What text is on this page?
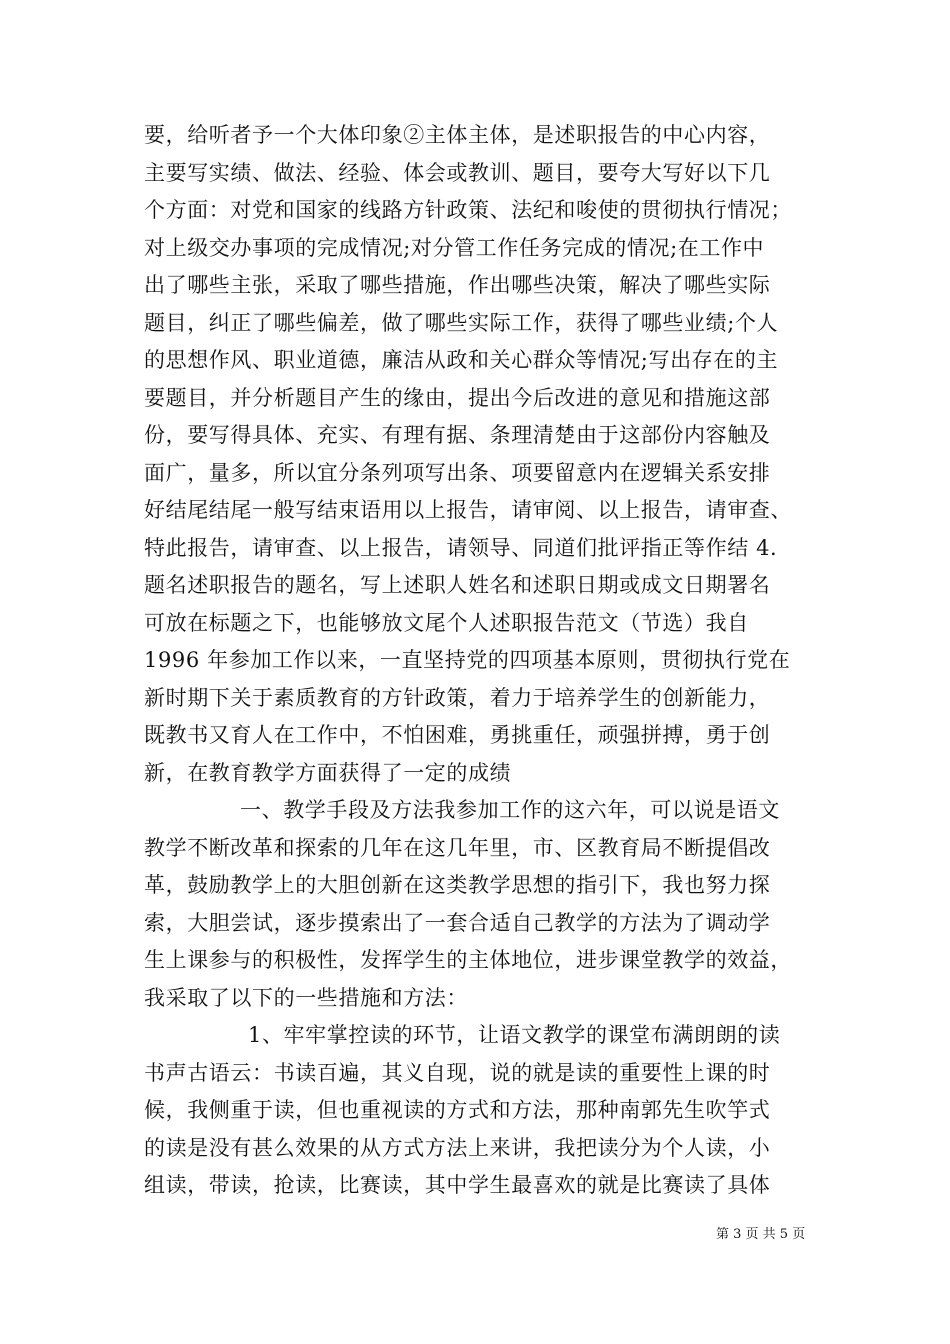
要，给听者予一个大体印象②主体主体，是述职报告的中心内容，
主要写实绩、做法、经验、体会或教训、题目，要夸大写好以下几
个方面：对党和国家的线路方针政策、法纪和唆使的贯彻执行情况；
对上级交办事项的完成情况;对分管工作任务完成的情况;在工作中
出了哪些主张，采取了哪些措施，作出哪些决策，解决了哪些实际
题目，纠正了哪些偏差，做了哪些实际工作，获得了哪些业绩;个人
的思想作风、职业道德，廉洁从政和关心群众等情况;写出存在的主
要题目，并分析题目产生的缘由，提出今后改进的意见和措施这部
份，要写得具体、充实、有理有据、条理清楚由于这部份内容触及
面广，量多，所以宜分条列项写出条、项要留意内在逻辑关系安排
好结尾结尾一般写结束语用以上报告，请审阅、以上报告，请审查、
特此报告，请审查、以上报告，请领导、同道们批评指正等作结 4.
题名述职报告的题名，写上述职人姓名和述职日期或成文日期署名
可放在标题之下，也能够放文尾个人述职报告范文（节选）我自
1996 年参加工作以来，一直坚持党的四项基本原则，贯彻执行党在
新时期下关于素质教育的方针政策，着力于培养学生的创新能力，
既教书又育人在工作中，不怕困难，勇挑重任，顽强拼搏，勇于创
新，在教育教学方面获得了一定的成绩
一、教学手段及方法我参加工作的这六年，可以说是语文
教学不断改革和探索的几年在这几年里，市、区教育局不断提倡改
革，鼓励教学上的大胆创新在这类教学思想的指引下，我也努力探
索，大胆尝试，逐步摸索出了一套合适自己教学的方法为了调动学
生上课参与的积极性，发挥学生的主体地位，进步课堂教学的效益，
我采取了以下的一些措施和方法：
1、牢牢掌控读的环节，让语文教学的课堂布满朗朗的读
书声古语云：书读百遍，其义自现，说的就是读的重要性上课的时
候，我侧重于读，但也重视读的方式和方法，那种南郭先生吹竽式
的读是没有甚么效果的从方式方法上来讲，我把读分为个人读，小
组读，带读，抢读，比赛读，其中学生最喜欢的就是比赛读了具体
第 3 页 共 5 页
